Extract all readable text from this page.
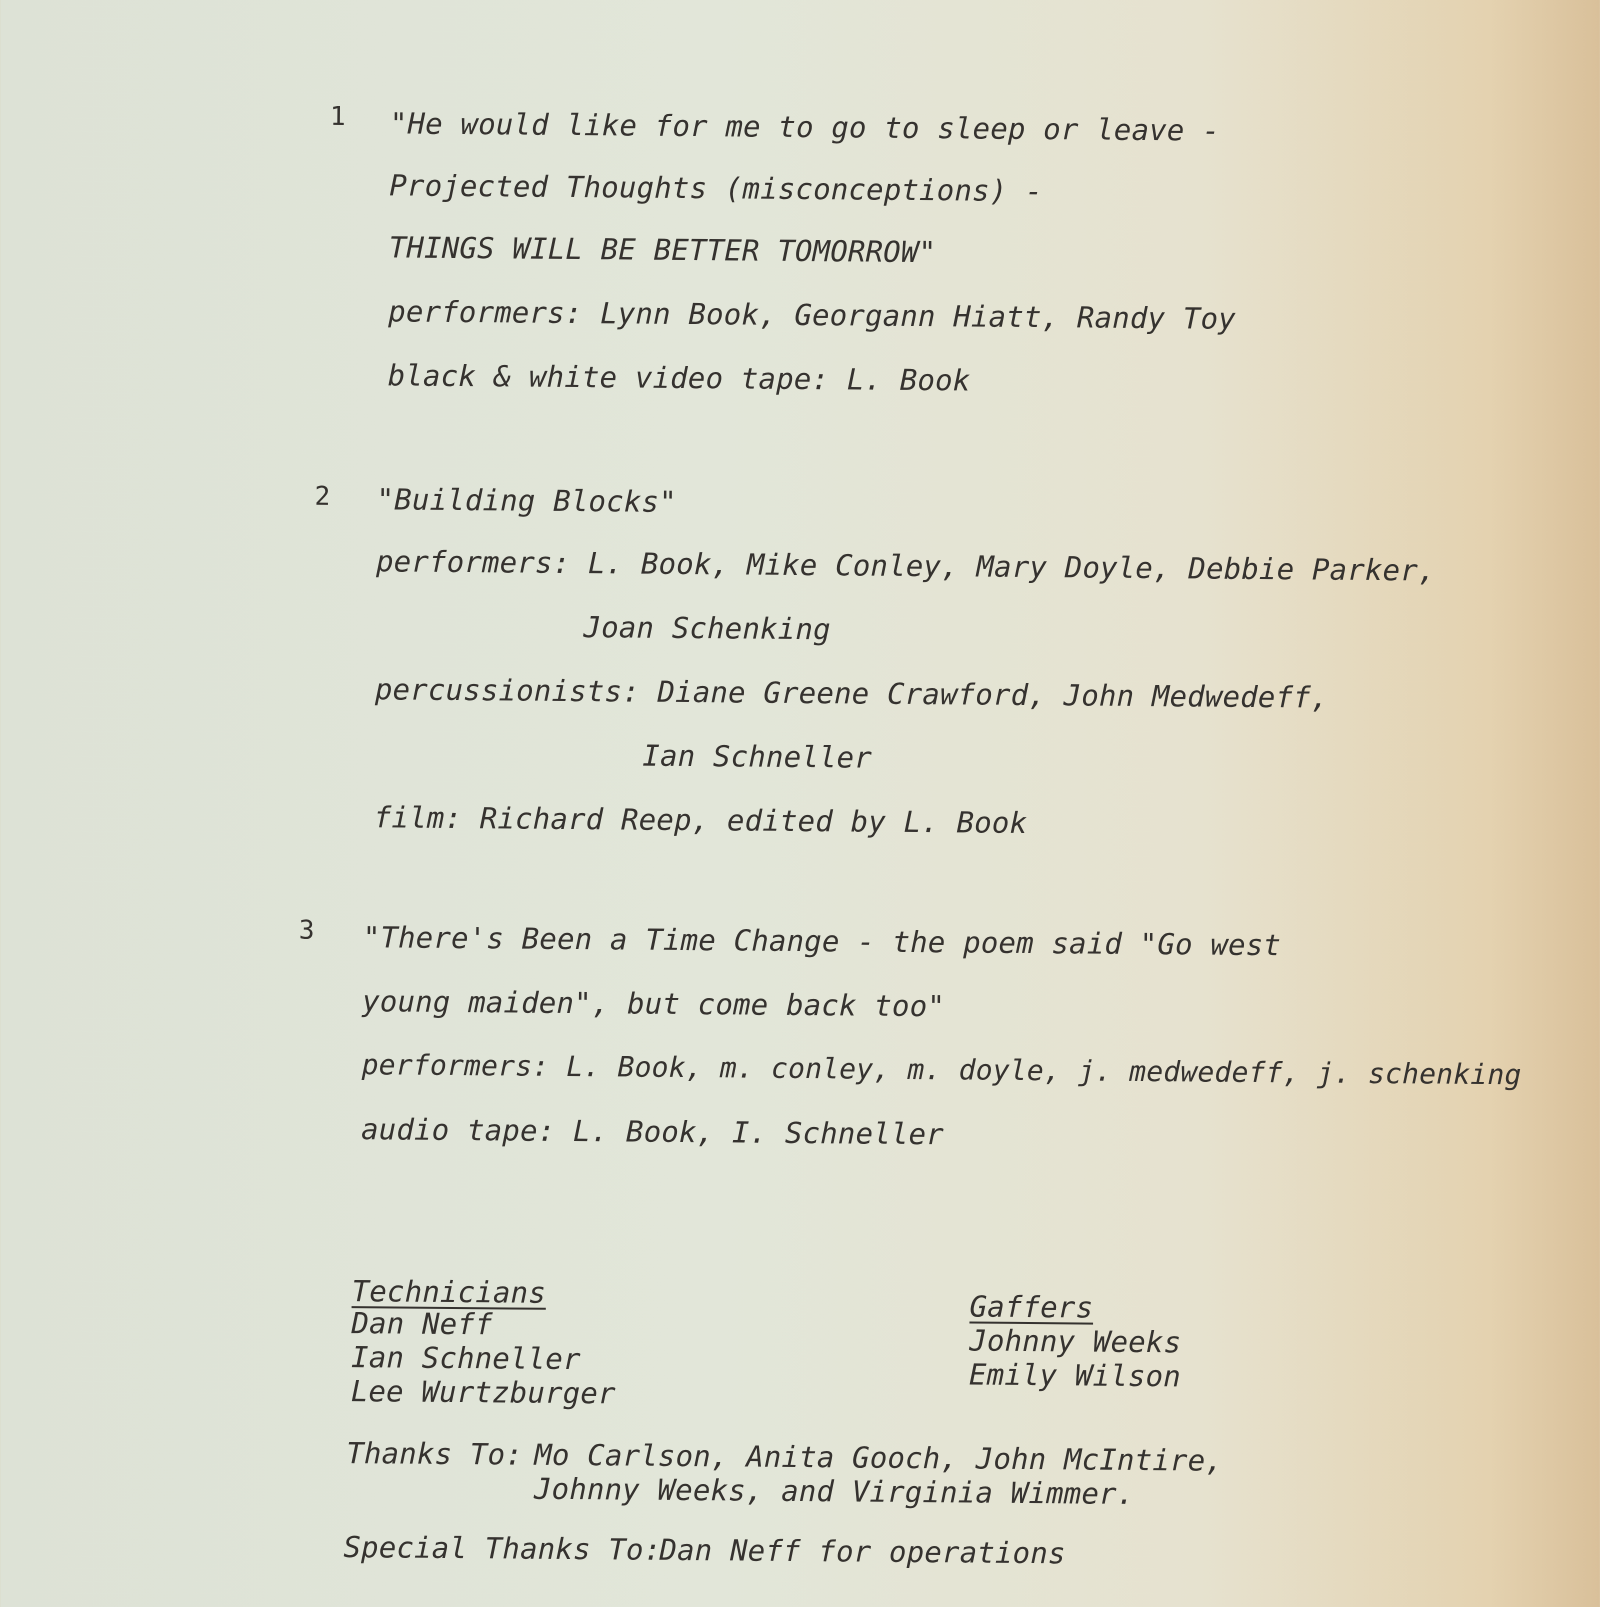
1 "He would like for me to go to sleep or leave -
Projected Thoughts (misconceptions) -
THINGS WILL BE BETTER TOMORROW"
performers: Lynn Book, Georgann Hiatt, Randy Toy
black & white video tape: L. Book
2 "Building Blocks"
performers: L. Book, Mike Conley, Mary Doyle, Debbie Parker,
Joan Schenking
percussionists: Diane Greene Crawford, John Medwedeff,
Ian Schneller
film: Richard Reep, edited by L. Book
3 "There's Been a Time Change - the poem said "Go west
young maiden", but come back too"
performers: L. Book, m. conley, m. doyle, j. medwedeff, j. schenking
audio tape: L. Book, I. Schneller
Technicians
Dan Neff
Ian Schneller
Lee Wurtzburger
Gaffers
Johnny Weeks
Emily Wilson
Thanks To: Mo Carlson, Anita Gooch, John McIntire,
Johnny Weeks, and Virginia Wimmer.
Special Thanks To:
Dan Neff for operations
